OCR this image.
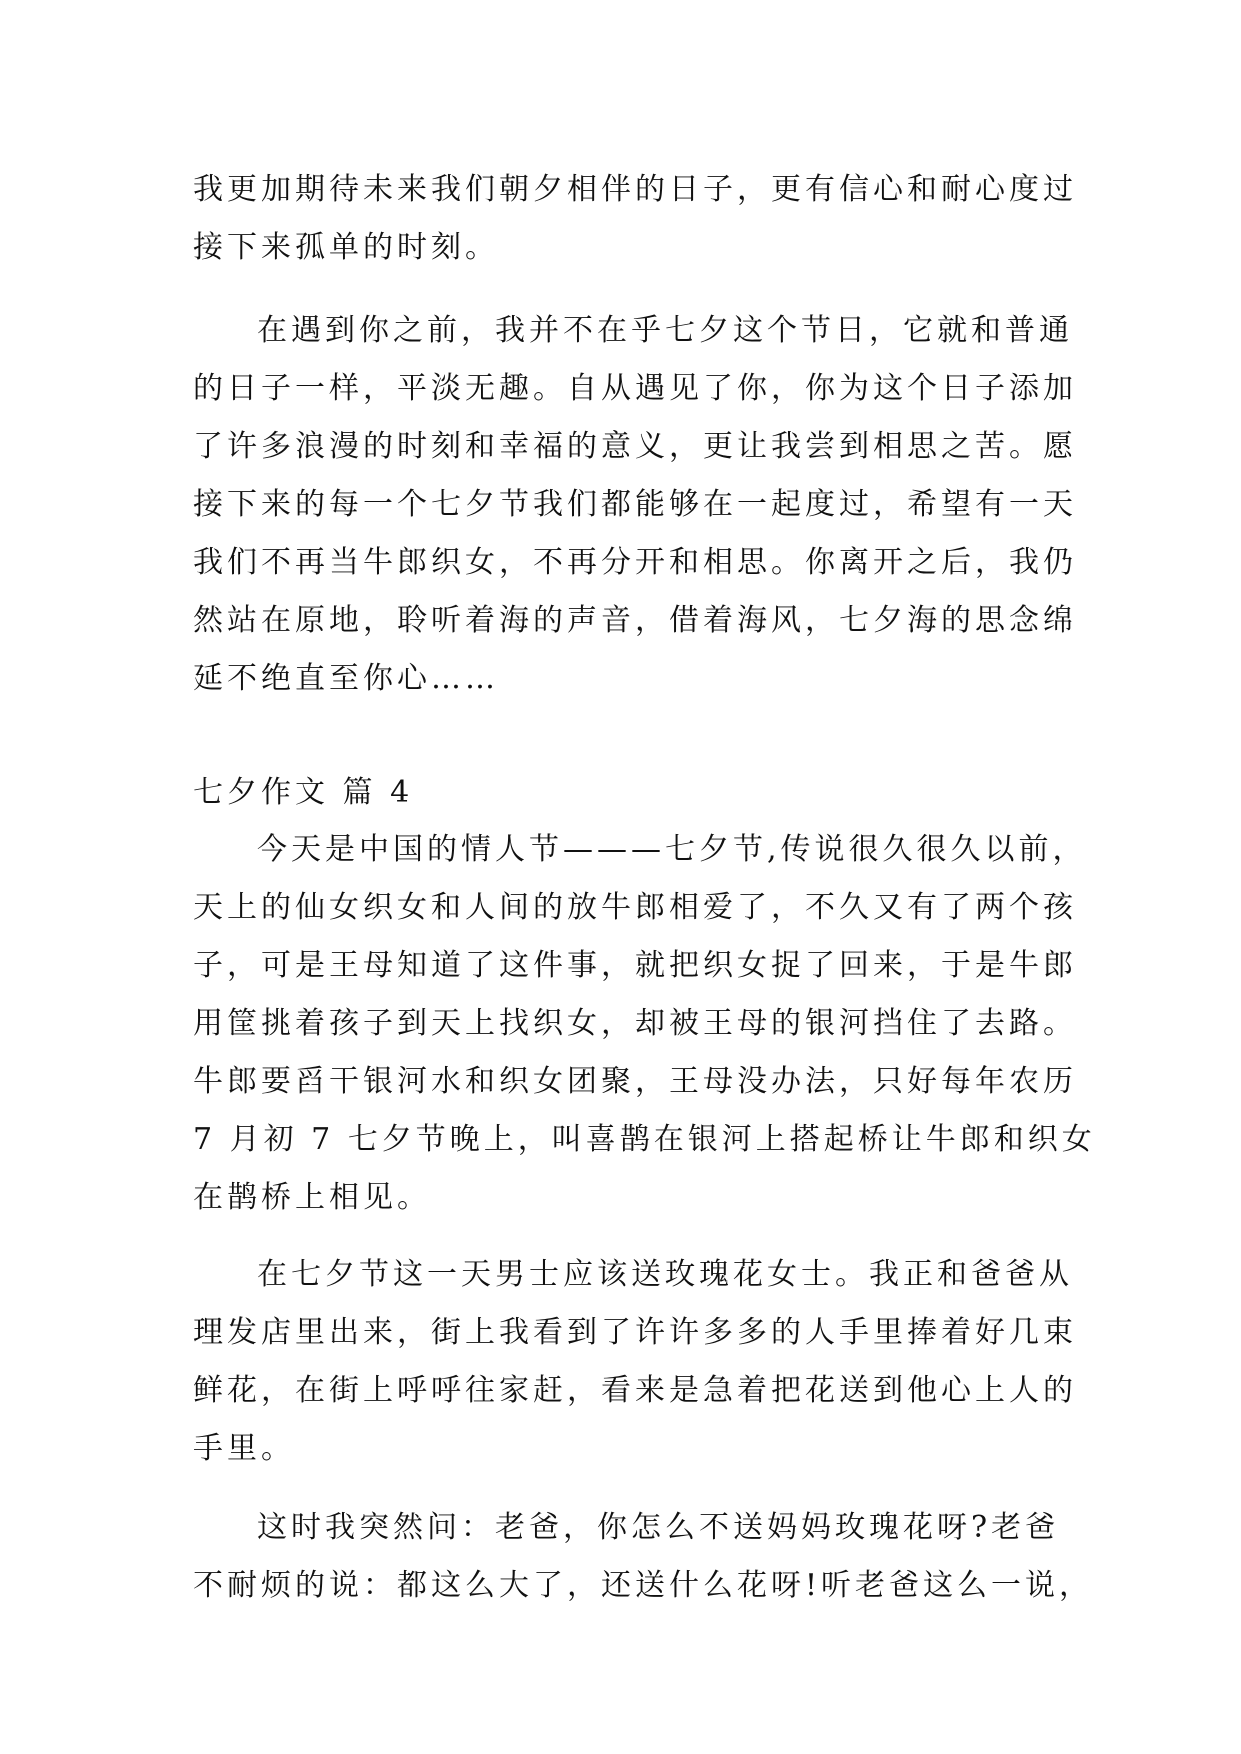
我更加期待未来我们朝夕相伴的日子，更有信心和耐心度过
接下来孤单的时刻。
在遇到你之前，我并不在乎七夕这个节日，它就和普通
的日子一样，平淡无趣。自从遇见了你，你为这个日子添加
了许多浪漫的时刻和幸福的意义，更让我尝到相思之苦。愿
接下来的每一个七夕节我们都能够在一起度过，希望有一天
我们不再当牛郎织女，不再分开和相思。你离开之后，我仍
然站在原地，聆听着海的声音，借着海风，七夕海的思念绵
延不绝直至你心……
七夕作文 篇 4
今天是中国的情人节———七夕节,传说很久很久以前，
天上的仙女织女和人间的放牛郎相爱了，不久又有了两个孩
子，可是王母知道了这件事，就把织女捉了回来，于是牛郎
用筐挑着孩子到天上找织女，却被王母的银河挡住了去路。
牛郎要舀干银河水和织女团聚，王母没办法，只好每年农历
7 月初 7 七夕节晚上，叫喜鹊在银河上搭起桥让牛郎和织女
在鹊桥上相见。
在七夕节这一天男士应该送玫瑰花女士。我正和爸爸从
理发店里出来，街上我看到了许许多多的人手里捧着好几束
鲜花，在街上呼呼往家赶，看来是急着把花送到他心上人的
手里。
这时我突然问：老爸，你怎么不送妈妈玫瑰花呀?老爸
不耐烦的说：都这么大了，还送什么花呀!听老爸这么一说，
